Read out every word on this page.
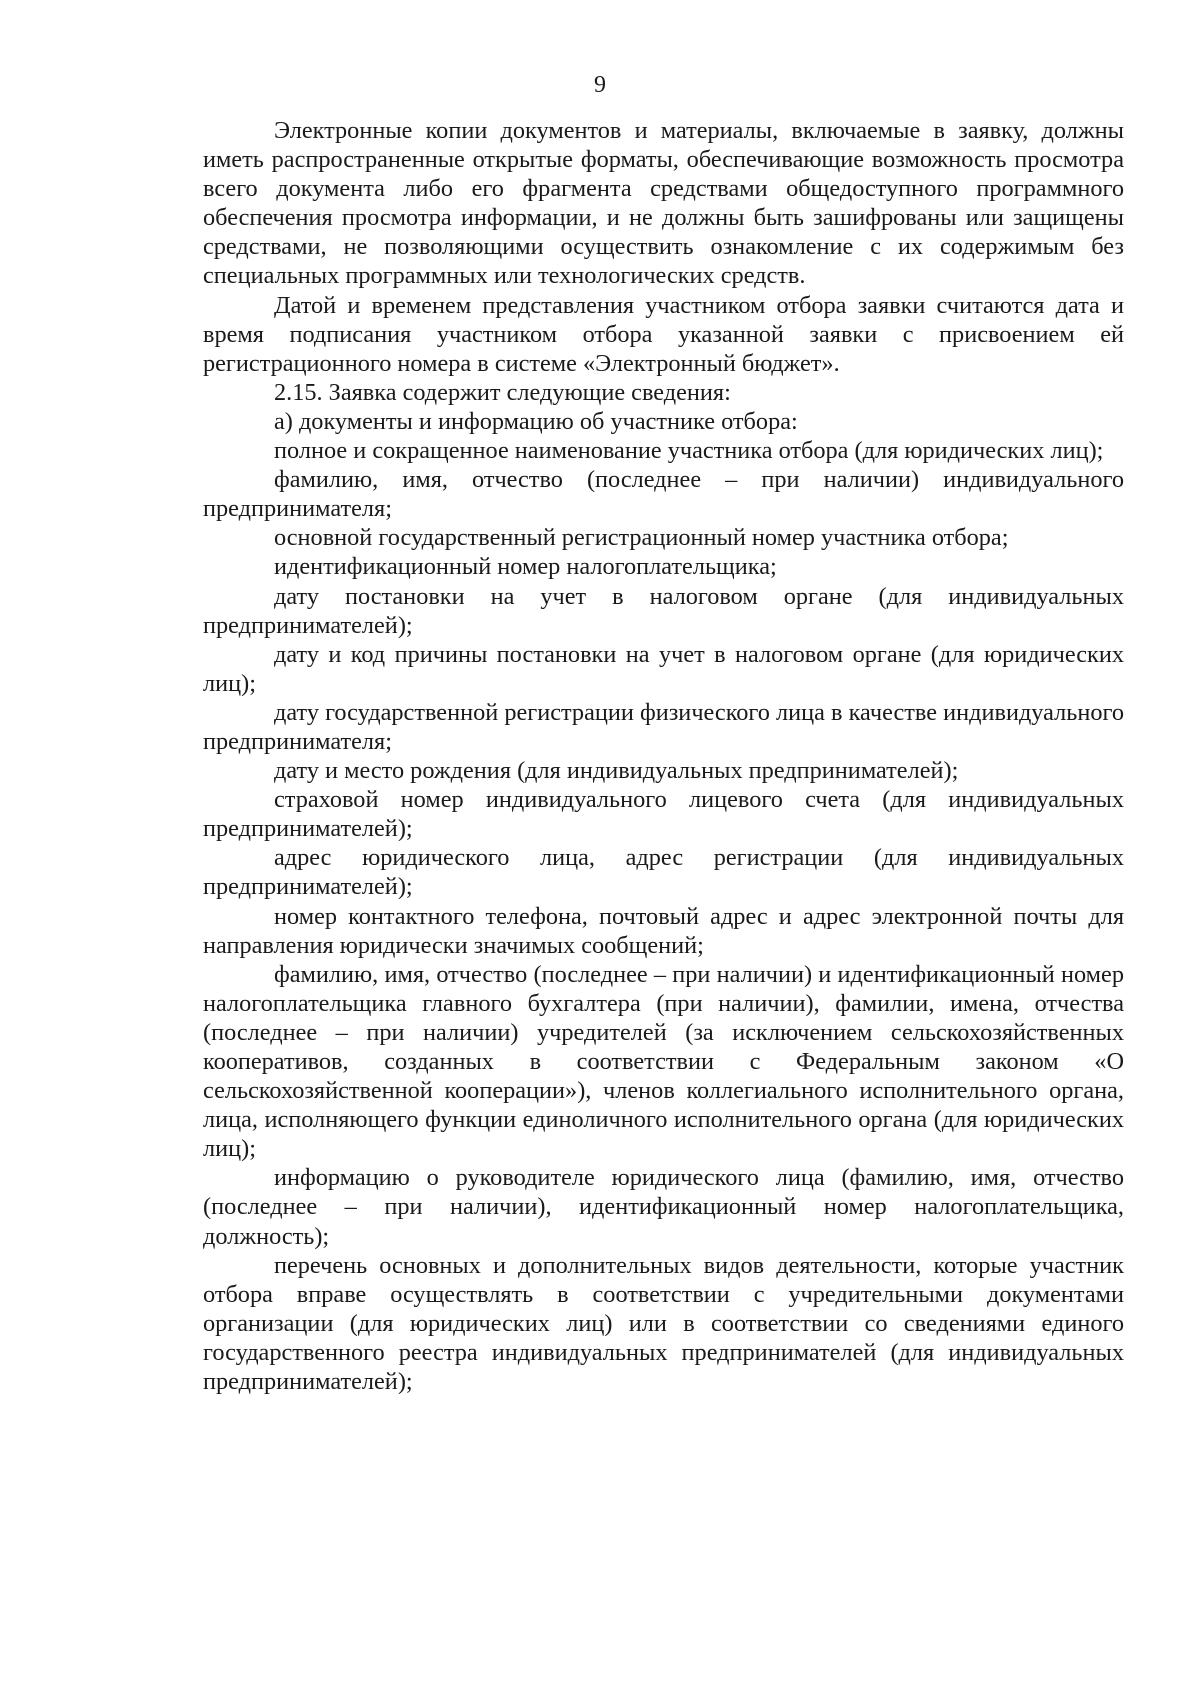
9

Электронные копии документов и материалы, включаемые в заявку, должны иметь распространенные открытые форматы, обеспечивающие возможность просмотра всего документа либо его фрагмента средствами общедоступного программного обеспечения просмотра информации, и не должны быть зашифрованы или защищены средствами, не позволяющими осуществить ознакомление с их содержимым без специальных программных или технологических средств.

Датой и временем представления участником отбора заявки считаются дата и время подписания участником отбора указанной заявки с присвоением ей регистрационного номера в системе «Электронный бюджет».

2.15. Заявка содержит следующие сведения:

а) документы и информацию об участнике отбора:

полное и сокращенное наименование участника отбора (для юридических лиц);

фамилию, имя, отчество (последнее – при наличии) индивидуального предпринимателя;

основной государственный регистрационный номер участника отбора;

идентификационный номер налогоплательщика;

дату постановки на учет в налоговом органе (для индивидуальных предпринимателей);

дату и код причины постановки на учет в налоговом органе (для юридических лиц);

дату государственной регистрации физического лица в качестве индивидуального предпринимателя;

дату и место рождения (для индивидуальных предпринимателей);

страховой номер индивидуального лицевого счета (для индивидуальных предпринимателей);

адрес юридического лица, адрес регистрации (для индивидуальных предпринимателей);

номер контактного телефона, почтовый адрес и адрес электронной почты для направления юридически значимых сообщений;

фамилию, имя, отчество (последнее – при наличии) и идентификационный номер налогоплательщика главного бухгалтера (при наличии), фамилии, имена, отчества (последнее – при наличии) учредителей (за исключением сельскохозяйственных кооперативов, созданных в соответствии с Федеральным законом «О сельскохозяйственной кооперации»), членов коллегиального исполнительного органа, лица, исполняющего функции единоличного исполнительного органа (для юридических лиц);

информацию о руководителе юридического лица (фамилию, имя, отчество (последнее – при наличии), идентификационный номер налогоплательщика, должность);

перечень основных и дополнительных видов деятельности, которые участник отбора вправе осуществлять в соответствии с учредительными документами организации (для юридических лиц) или в соответствии со сведениями единого государственного реестра индивидуальных предпринимателей (для индивидуальных предпринимателей);
